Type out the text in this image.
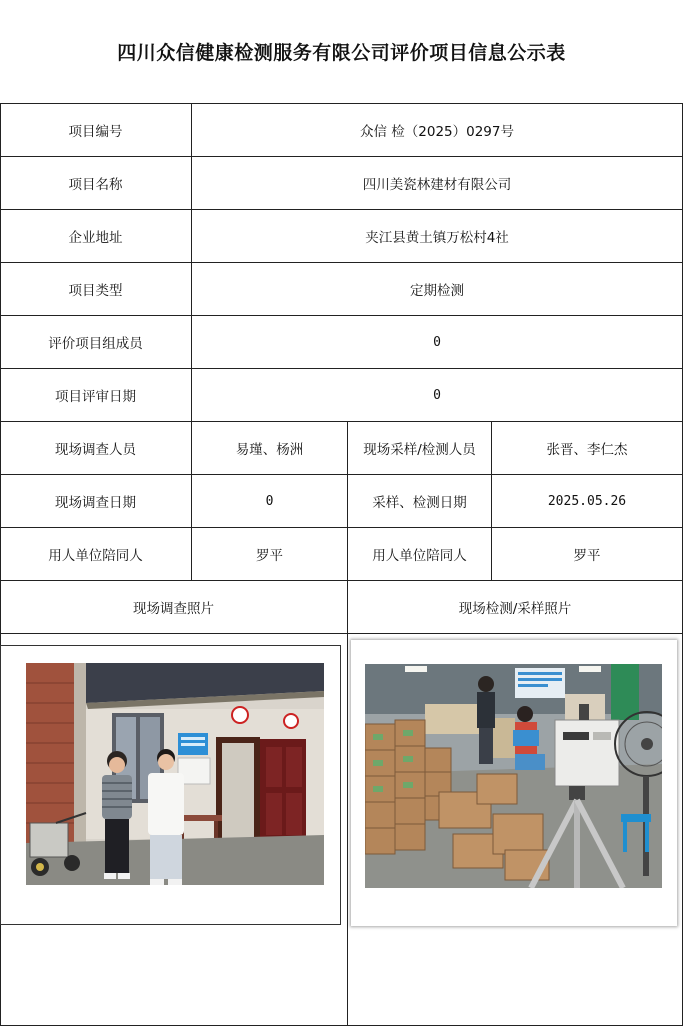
四川众信健康检测服务有限公司评价项目信息公示表
项目编号	众信 检（2025）0297号
项目名称	四川美瓷林建材有限公司
企业地址	夹江县黄土镇万松村4社
项目类型	定期检测
评价项目组成员	0
项目评审日期	0
现场调查人员	易瑾、杨洲	现场采样/检测人员	张晋、李仁杰
现场调查日期	0	采样、检测日期	2025.05.26
用人单位陪同人	罗平	用人单位陪同人	罗平
现场调查照片	现场检测/采样照片
